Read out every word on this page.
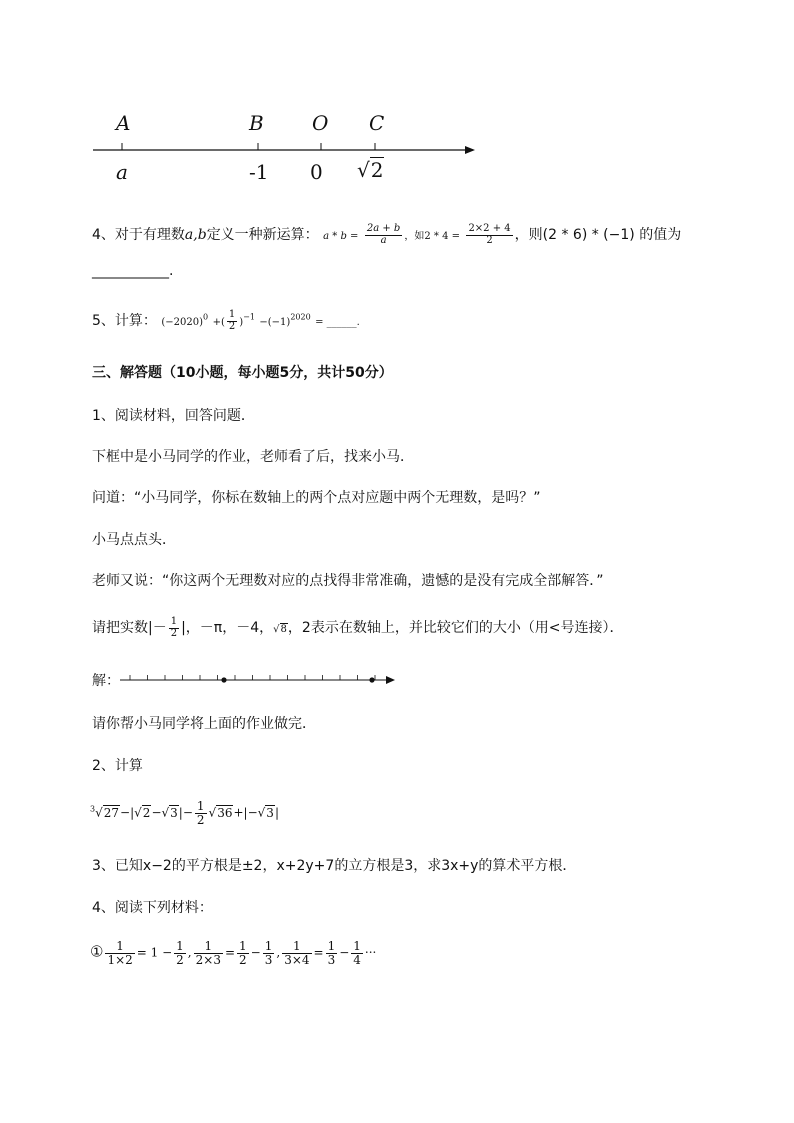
A	B O C
a	-1 0 √2
4、对于有理数a,b定义一种新运算： $a * b = \frac{2a + b}{a}$ ，如$2 * 4 = \frac{2\times 2 + 4}{2}$ ，则(2 * 6) * (−1) 的值为
___________.
5、计算： $(-2020)^0$ +( $\frac{1}{2} )^{-1} -(-1)^{2020}$ = ______.
三、解答题（10小题，每小题5分，共计50分）
1、阅读材料，回答问题．
下框中是小马同学的作业，老师看了后，找来小马．
问道：“小马同学，你标在数轴上的两个点对应题中两个无理数，是吗？”
小马点点头．
老师又说：“你这两个无理数对应的点找得非常准确，遗憾的是没有完成全部解答．”
请把实数|－ $\frac{1}{2}$ |，－π，－4，√8，2表示在数轴上，并比较它们的大小（用<号连接）．
解：
请你帮小马同学将上面的作业做完．
2、计算
$^3√27-|√2-√3|- \frac{1}{2} √36+|-√3|$
3、已知x−2的平方根是±2，x+2y+7的立方根是3，求3x+y的算术平方根．
4、阅读下列材料：
① $\frac{1}{1\times 2} = 1 - \frac{1}{2}$ , $\frac{1}{2\times 3} = \frac{1}{2} - \frac{1}{3}$ , $\frac{1}{3\times 4} = \frac{1}{3} - \frac{1}{4}$ ···
